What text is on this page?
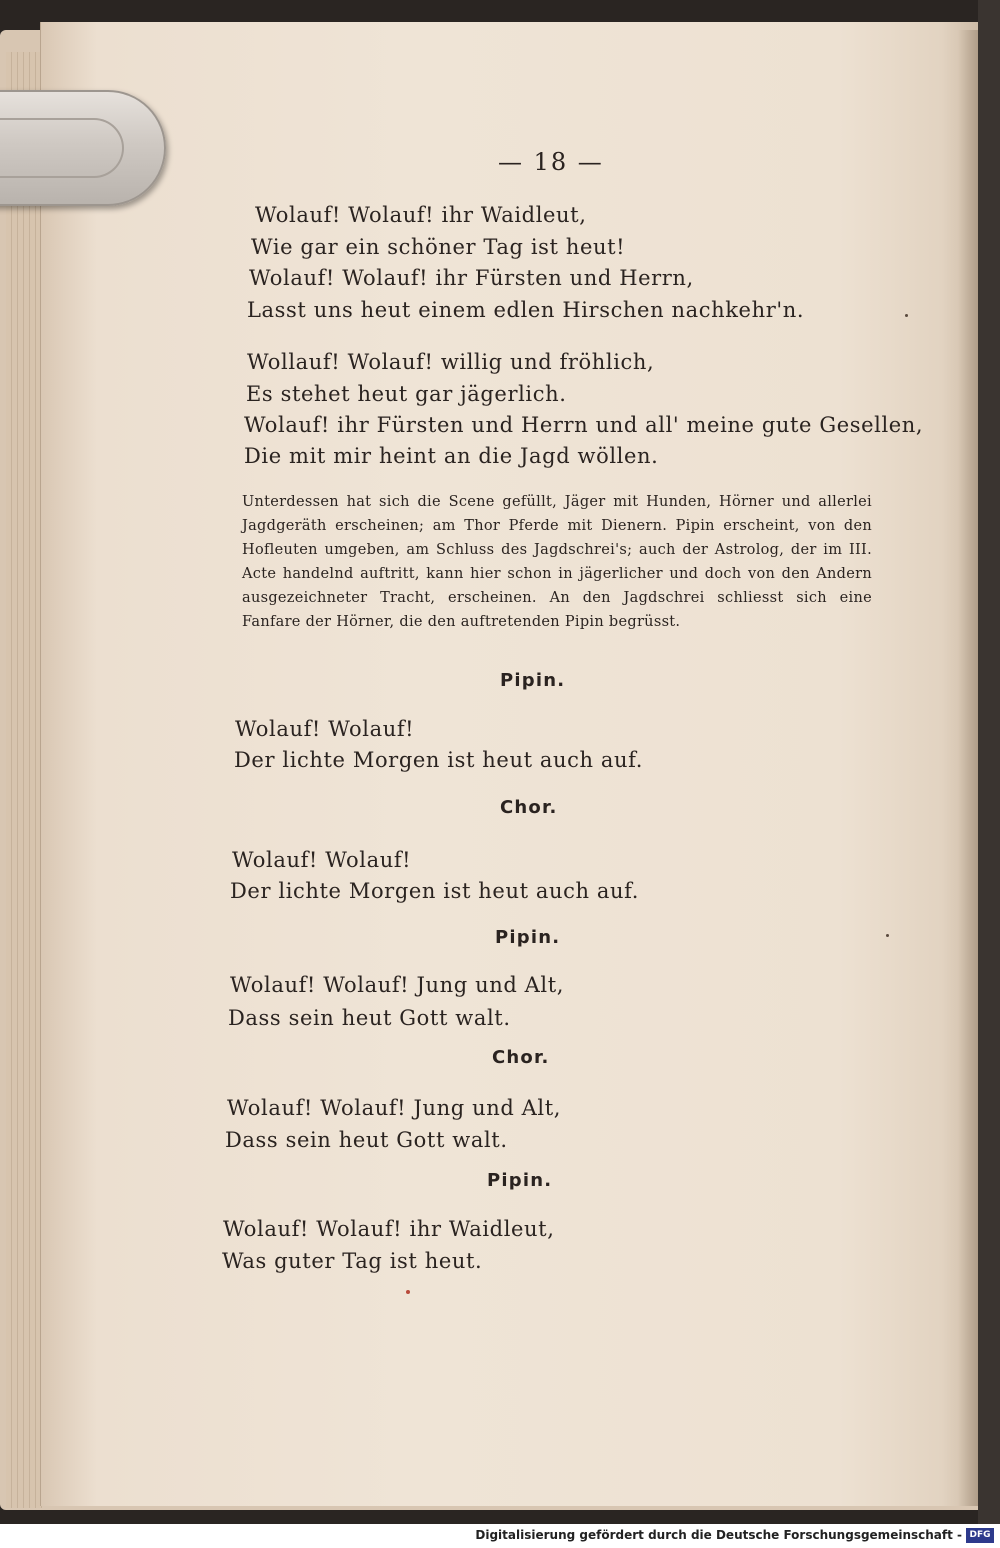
— 18 —

Wolauf! Wolauf! ihr Waidleut,

Wie gar ein schöner Tag ist heut!

Wolauf! Wolauf! ihr Fürsten und Herrn,

Lasst uns heut einem edlen Hirschen nachkehr'n.

Wollauf! Wolauf! willig und fröhlich,

Es stehet heut gar jägerlich.

Wolauf! ihr Fürsten und Herrn und all' meine gute Gesellen,

Die mit mir heint an die Jagd wöllen.

Unterdessen hat sich die Scene gefüllt, Jäger mit Hunden, Hörner und allerlei Jagdgeräth erscheinen; am Thor Pferde mit Dienern. Pipin erscheint, von den Hofleuten umgeben, am Schluss des Jagdschrei's; auch der Astrolog, der im III. Acte handelnd auftritt, kann hier schon in jägerlicher und doch von den Andern ausgezeichneter Tracht, erscheinen. An den Jagdschrei schliesst sich eine Fanfare der Hörner, die den auftretenden Pipin begrüsst.

Pipin.

Wolauf! Wolauf!

Der lichte Morgen ist heut auch auf.

Chor.

Wolauf! Wolauf!

Der lichte Morgen ist heut auch auf.

Pipin.

Wolauf! Wolauf! Jung und Alt,

Dass sein heut Gott walt.

Chor.

Wolauf! Wolauf! Jung und Alt,

Dass sein heut Gott walt.

Pipin.

Wolauf! Wolauf! ihr Waidleut,

Was guter Tag ist heut.

Digitalisierung gefördert durch die Deutsche Forschungsgemeinschaft - DFG
